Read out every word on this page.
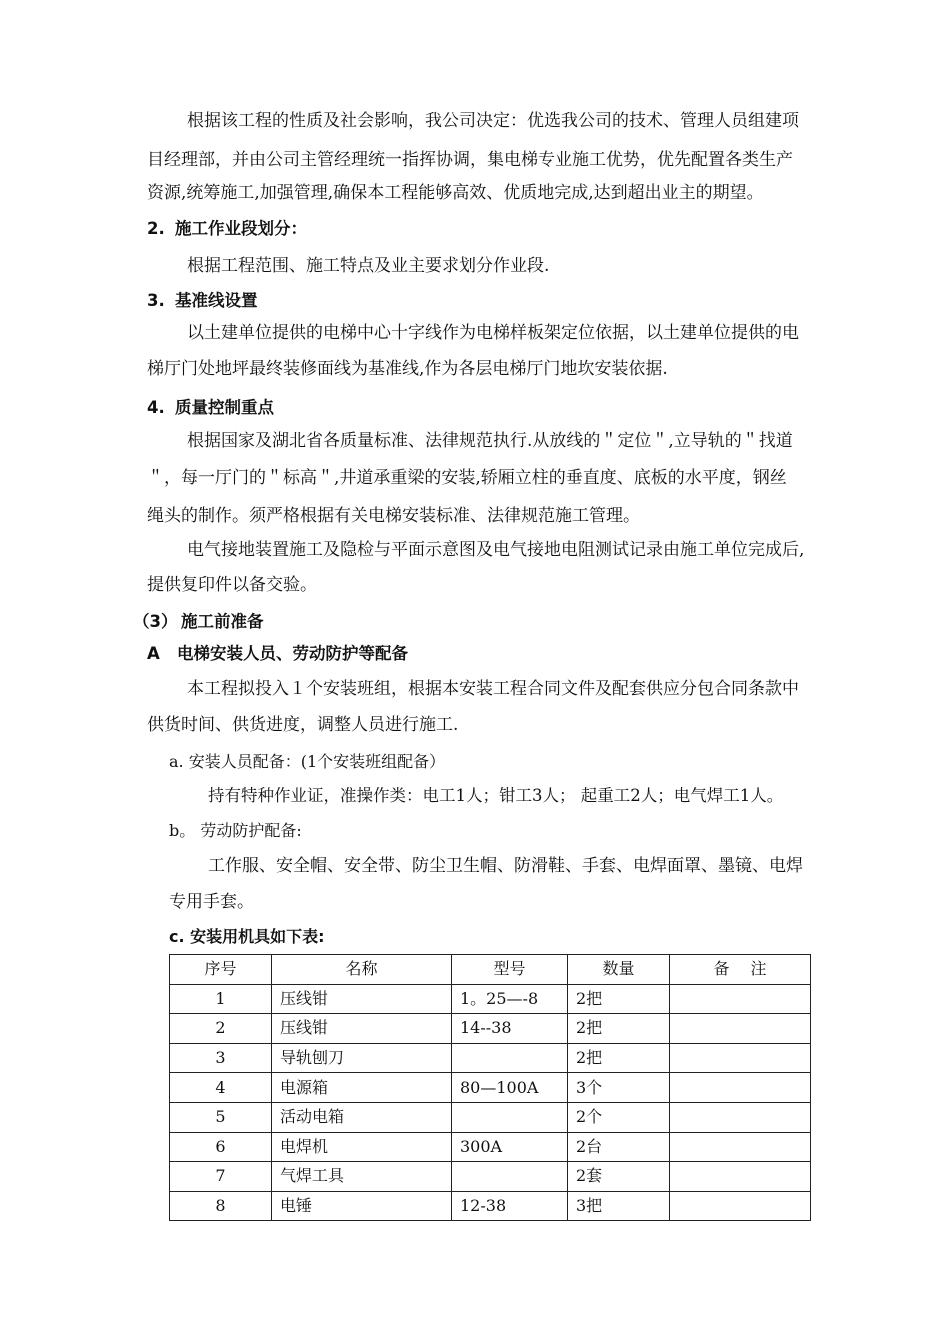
根据该工程的性质及社会影响，我公司决定：优选我公司的技术、管理人员组建项
目经理部，并由公司主管经理统一指挥协调，集电梯专业施工优势，优先配置各类生产
资源,统筹施工,加强管理,确保本工程能够高效、优质地完成,达到超出业主的期望。
2. 施工作业段划分：
根据工程范围、施工特点及业主要求划分作业段.
3. 基准线设置
以土建单位提供的电梯中心十字线作为电梯样板架定位依据，以土建单位提供的电
梯厅门处地坪最终装修面线为基准线,作为各层电梯厅门地坎安装依据.
4. 质量控制重点
根据国家及湖北省各质量标准、法律规范执行.从放线的＂定位＂,立导轨的＂找道
＂，每一厅门的＂标高＂,井道承重梁的安装,轿厢立柱的垂直度、底板的水平度，钢丝
绳头的制作。须严格根据有关电梯安装标准、法律规范施工管理。
电气接地装置施工及隐检与平面示意图及电气接地电阻测试记录由施工单位完成后,
提供复印件以备交验。
（3） 施工前准备
A 电梯安装人员、劳动防护等配备
本工程拟投入１个安装班组，根据本安装工程合同文件及配套供应分包合同条款中
供货时间、供货进度，调整人员进行施工.
a. 安装人员配备：(1个安装班组配备）
持有特种作业证，准操作类：电工1人；钳工3人； 起重工2人；电气焊工1人。
b。 劳动防护配备:
工作服、安全帽、安全带、防尘卫生帽、防滑鞋、手套、电焊面罩、墨镜、电焊
专用手套。
c. 安装用机具如下表:
序号	名称	型号	数量	备　 注
1	压线钳	1。25—-8	2把	
2	压线钳	14--38	2把	
3	导轨刨刀		2把	
4	电源箱	80—100A	3个	
5	活动电箱		2个	
6	电焊机	300A	2台	
7	气焊工具		2套	
8	电锤	12-38	3把	
